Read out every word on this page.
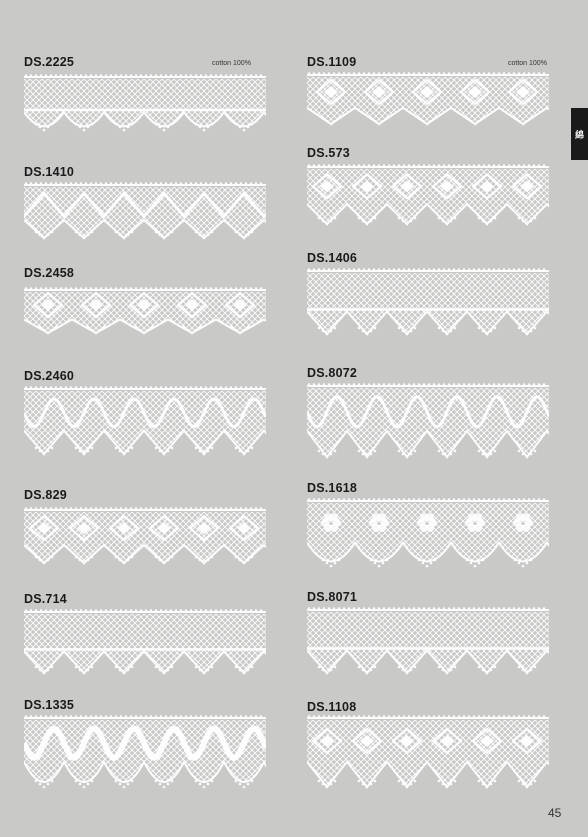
DS.2225	cotton 100%
DS.1410
DS.2458
DS.2460
DS.829
DS.714
DS.1335
DS.1109	cotton 100%
DS.573
DS.1406
DS.8072
DS.1618
DS.8071
DS.1108
綿
45
